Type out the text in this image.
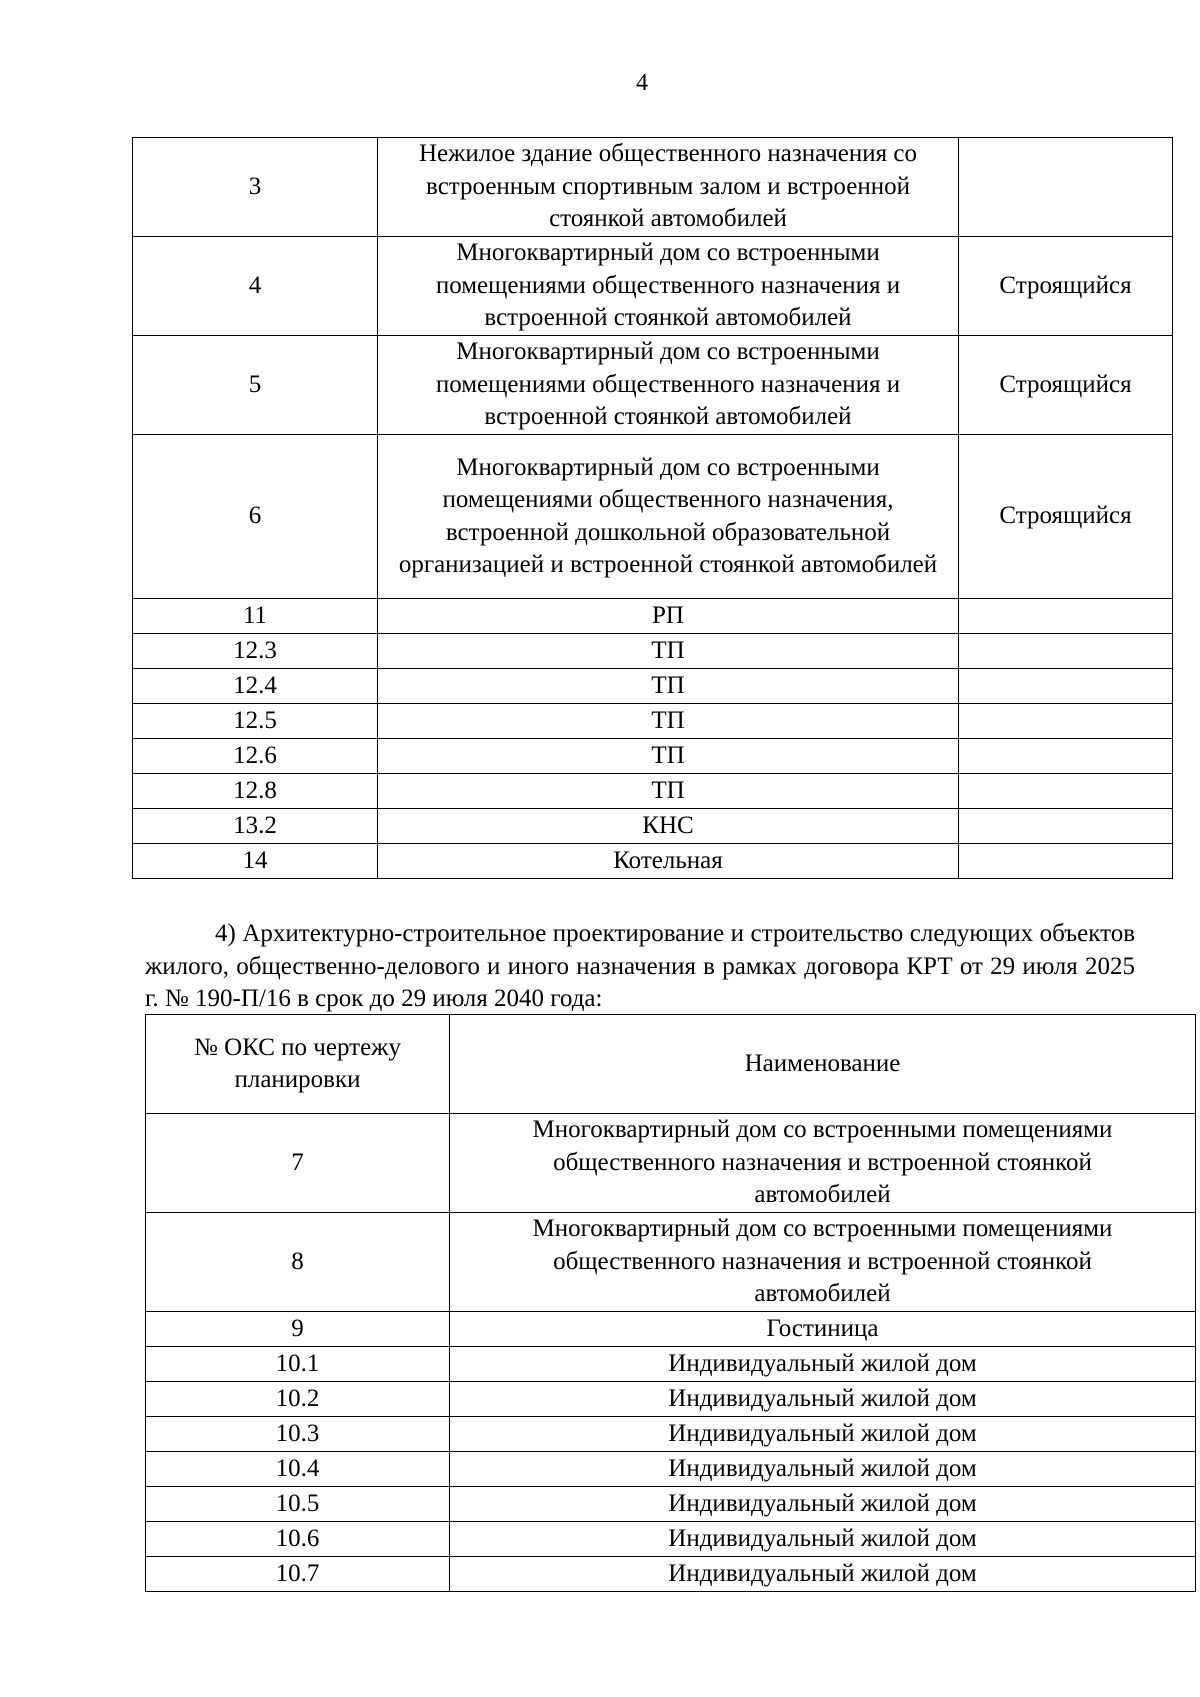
4
3	Нежилое здание общественного назначения со встроенным спортивным залом и встроенной стоянкой автомобилей	
4	Многоквартирный дом со встроенными помещениями общественного назначения и встроенной стоянкой автомобилей	Строящийся
5	Многоквартирный дом со встроенными помещениями общественного назначения и встроенной стоянкой автомобилей	Строящийся
6	Многоквартирный дом со встроенными помещениями общественного назначения, встроенной дошкольной образовательной организацией и встроенной стоянкой автомобилей	Строящийся
11	РП	
12.3	ТП	
12.4	ТП	
12.5	ТП	
12.6	ТП	
12.8	ТП	
13.2	КНС	
14	Котельная	
4) Архитектурно-строительное проектирование и строительство следующих объектов жилого, общественно-делового и иного назначения в рамках договора КРТ от 29 июля 2025 г. № 190-П/16 в срок до 29 июля 2040 года:
№ ОКС по чертежу планировки	Наименование
7	Многоквартирный дом со встроенными помещениями общественного назначения и встроенной стоянкой автомобилей
8	Многоквартирный дом со встроенными помещениями общественного назначения и встроенной стоянкой автомобилей
9	Гостиница
10.1	Индивидуальный жилой дом
10.2	Индивидуальный жилой дом
10.3	Индивидуальный жилой дом
10.4	Индивидуальный жилой дом
10.5	Индивидуальный жилой дом
10.6	Индивидуальный жилой дом
10.7	Индивидуальный жилой дом
